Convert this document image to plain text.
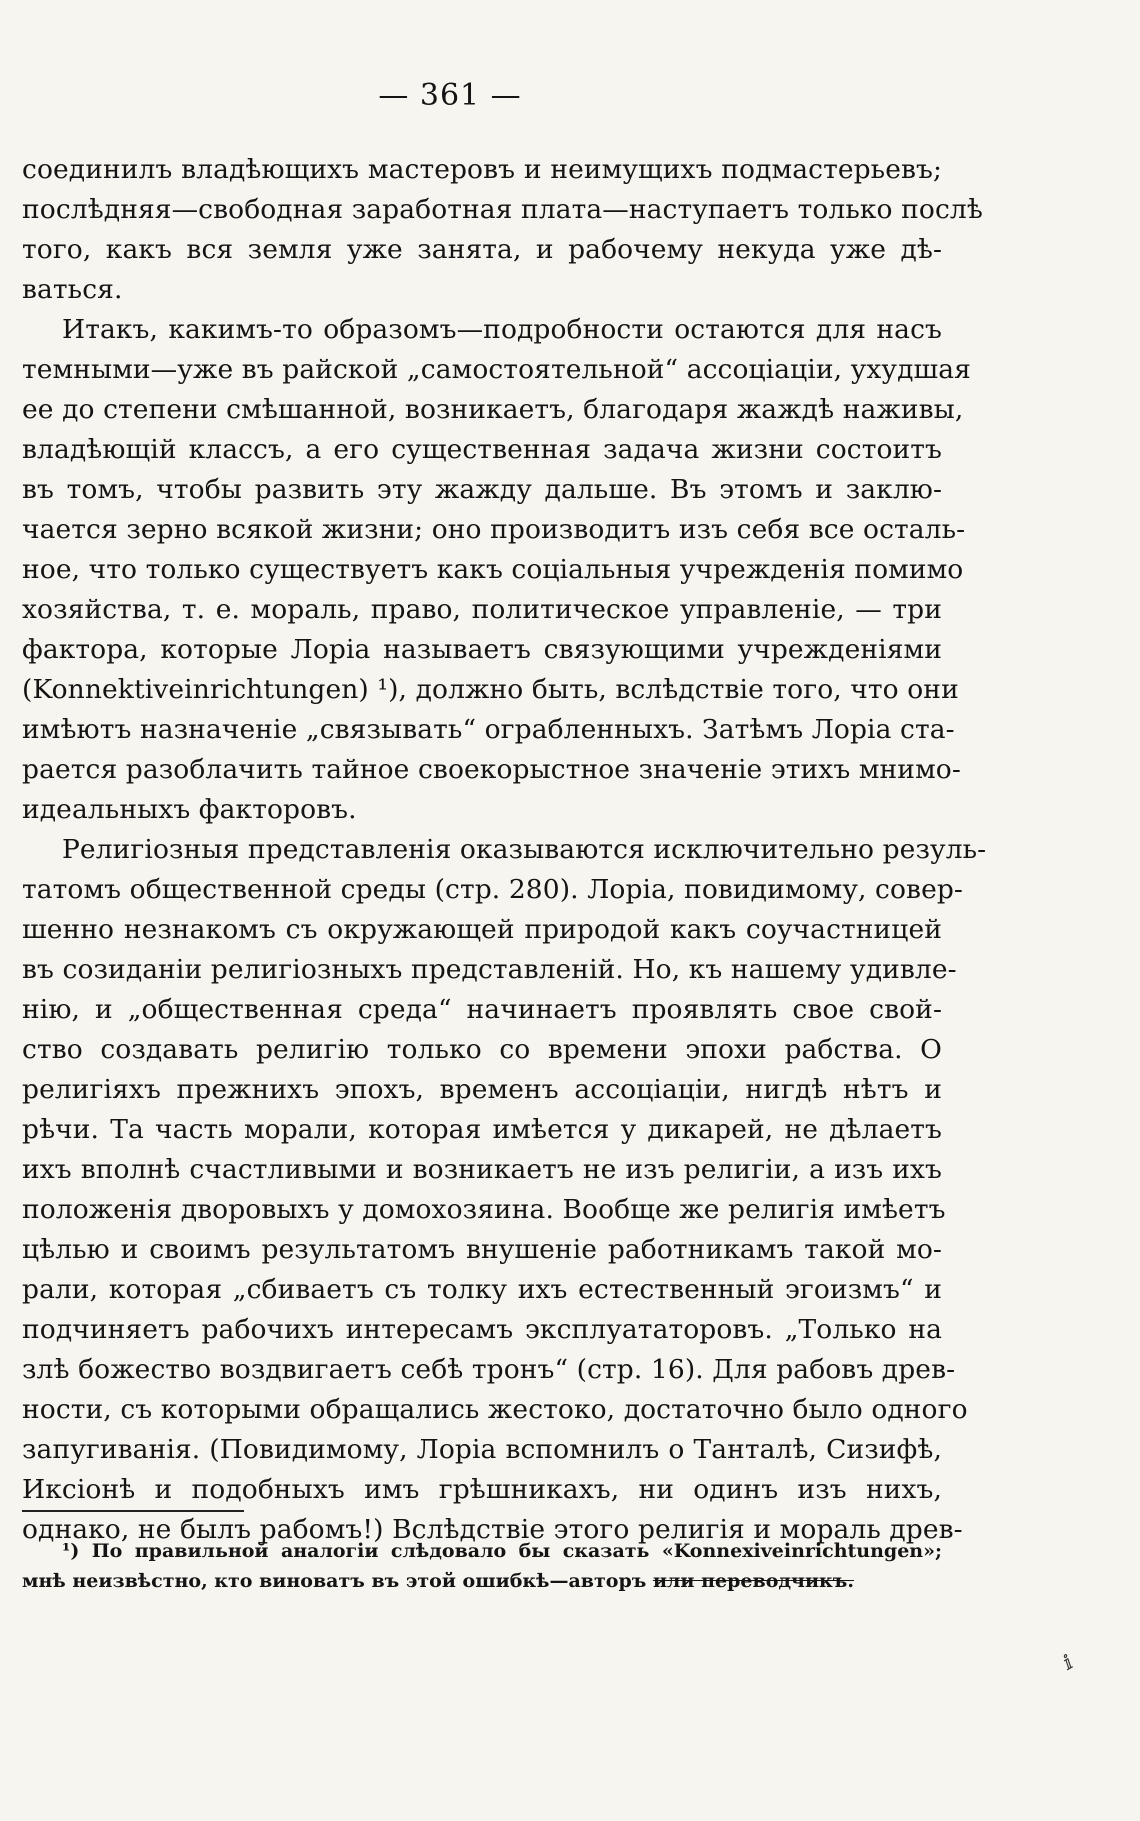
— 361 —
соединилъ владѣющихъ мастеровъ и неимущихъ подмастерьевъ;
послѣдняя—свободная заработная плата—наступаетъ только послѣ
того, какъ вся земля уже занята, и рабочему некуда уже дѣ-
ваться.
Итакъ, какимъ-то образомъ—подробности остаются для насъ
темными—уже въ райской „самостоятельной“ ассоціаціи, ухудшая
ее до степени смѣшанной, возникаетъ, благодаря жаждѣ наживы,
владѣющій классъ, а его существенная задача жизни состоитъ
въ томъ, чтобы развить эту жажду дальше. Въ этомъ и заклю-
чается зерно всякой жизни; оно производитъ изъ себя все осталь-
ное, что только существуетъ какъ соціальныя учрежденія помимо
хозяйства, т. е. мораль, право, политическое управленіе, — три
фактора, которые Лоріа называетъ связующими учрежденіями
(Konnektiveinrichtungen) ¹), должно быть, вслѣдствіе того, что они
имѣютъ назначеніе „связывать“ ограбленныхъ. Затѣмъ Лоріа ста-
рается разоблачить тайное своекорыстное значеніе этихъ мнимо-
идеальныхъ факторовъ.
Религіозныя представленія оказываются исключительно резуль-
татомъ общественной среды (стр. 280). Лоріа, повидимому, совер-
шенно незнакомъ съ окружающей природой какъ соучастницей
въ созиданіи религіозныхъ представленій. Но, къ нашему удивле-
нію, и „общественная среда“ начинаетъ проявлять свое свой-
ство создавать религію только со времени эпохи рабства. О
религіяхъ прежнихъ эпохъ, временъ ассоціаціи, нигдѣ нѣтъ и
рѣчи. Та часть морали, которая имѣется у дикарей, не дѣлаетъ
ихъ вполнѣ счастливыми и возникаетъ не изъ религіи, а изъ ихъ
положенія дворовыхъ у домохозяина. Вообще же религія имѣетъ
цѣлью и своимъ результатомъ внушеніе работникамъ такой мо-
рали, которая „сбиваетъ съ толку ихъ естественный эгоизмъ“ и
подчиняетъ рабочихъ интересамъ эксплуататоровъ. „Только на
злѣ божество воздвигаетъ себѣ тронъ“ (стр. 16). Для рабовъ древ-
ности, съ которыми обращались жестоко, достаточно было одного
запугиванія. (Повидимому, Лоріа вспомнилъ о Танталѣ, Сизифѣ,
Иксіонѣ и подобныхъ имъ грѣшникахъ, ни одинъ изъ нихъ,
однако, не былъ рабомъ!) Вслѣдствіе этого религія и мораль древ-
¹) По правильной аналогіи слѣдовало бы сказать «Konnexiveinrichtungen»;
мнѣ неизвѣстно, кто виноватъ въ этой ошибкѣ—авторъ или переводчикъ.
ⅈ
